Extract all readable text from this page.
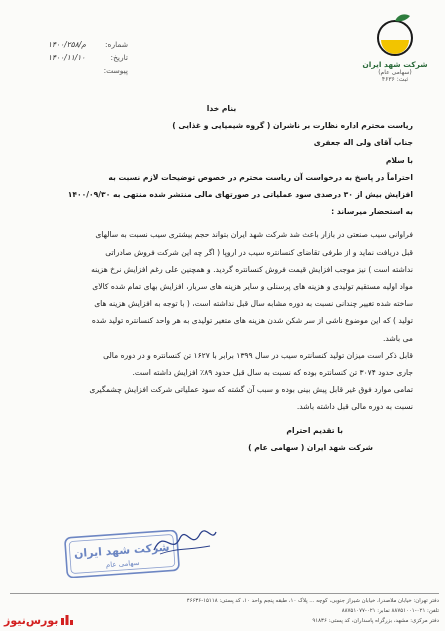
شرکت شهد ایران
(سهامی عام)
ثبت: ۴۶۳۶
م/۱۴۰۰/۲۵۸	شماره:
۱۴۰۰/۱۱/۱۰	تاریخ:
پیوست:
بنام خدا
ریاست محترم اداره نظارت بر ناشران ( گروه شیمیایی و غذایی )
جناب آقای ولی اله جعفری
با سلام
احتراماً در پاسخ به درخواست آن ریاست محترم در خصوص توضیحات لازم نسبت به
افزایش بیش از ۳۰ درصدی سود عملیاتی در صورتهای مالی منتشر شده منتهی به ۱۴۰۰/۰۹/۳۰
به استحضار میرساند :
فراوانی سیب صنعتی در بازار باعث شد شرکت شهد ایران بتواند حجم بیشتری سیب نسبت به سالهای
قبل دریافت نماید و از طرفی تقاضای کنسانتره سیب در اروپا ( اگر چه این شرکت فروش صادراتی
نداشته است ) نیز موجب افزایش قیمت فروش کنسانتره گردید. و همچنین علی رغم افزایش نرخ هزینه
مواد اولیه مستقیم تولیدی و هزینه های پرسنلی و سایر هزینه های سربار، افزایش بهای تمام شده کالای
ساخته شده تغییر چندانی نسبت به دوره مشابه سال قبل نداشته است، ( با توجه به افزایش هزینه های
تولید ) که این موضوع ناشی از سر شکن شدن هزینه های متغیر تولیدی به هر واحد کنسانتره تولید شده
می باشد.
قابل ذکر است میزان تولید کنسانتره سیب در سال ۱۳۹۹ برابر با ۱۶۲۷ تن کنسانتره و در دوره مالی
جاری حدود ۳۰۷۴ تن کنسانتره بوده که نسبت به سال قبل حدود ۸۹٪ افزایش داشته است.
تمامی موارد فوق غیر قابل پیش بینی بوده و سبب آن گشته که سود عملیاتی شرکت افزایش چشمگیری
نسبت به دوره مالی قبل داشته باشد.
با تقدیم احترام
شرکت شهد ایران ( سهامی عام )
شرکت شهد ایران
سهامی عام
دفتر تهران: خیابان ملاصدرا، خیابان شیراز جنوبی، کوچه ... پلاک ۱۰، طبقه پنجم واحد ۱۰، کد پستی: ۱۵۱۱۸-۴۶۶۳۶
تلفن: ۰۲۱-۸۸۷۵۱۰۰۱ نمابر: ۰۲۱-۸۸۷۵۱۰۷۷
دفتر مرکزی: مشهد، بزرگراه پاسداران، کد پستی: ۹۱۸۳۶
بورس‌نیوز
